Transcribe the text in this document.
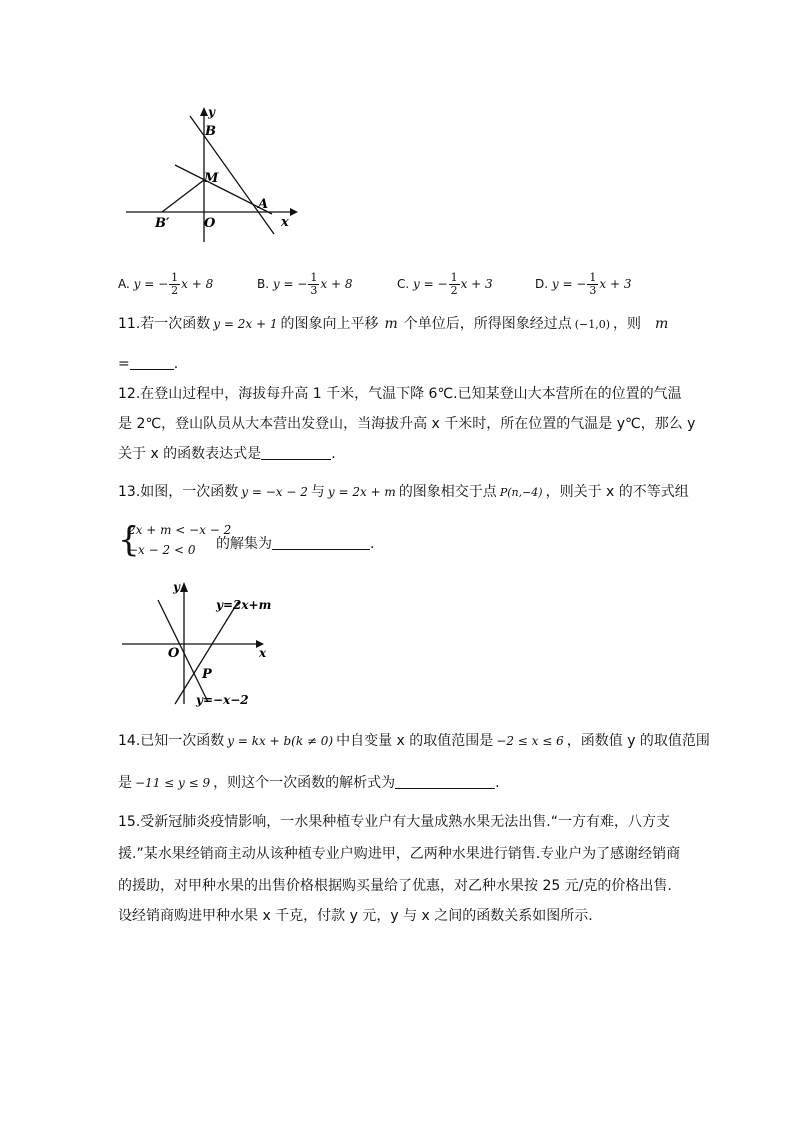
y
B
M
A
x
B′	O
A. y = − $\frac{1}{2}$ x + 8	B. y = − $\frac{1}{3}$ x + 8	C. y = − $\frac{1}{2}$ x + 3	D. y = − $\frac{1}{3}$ x + 3
11.若一次函数 y = 2x + 1 的图象向上平移 m 个单位后，所得图象经过点 (−1,0) ，则 m
=	.
12.在登山过程中，海拔每升高 1 千米，气温下降 6℃.已知某登山大本营所在的位置的气温
是 2℃，登山队员从大本营出发登山，当海拔升高 x 千米时，所在位置的气温是 y℃，那么 y
关于 x 的函数表达式是	.
13.如图，一次函数 y = −x − 2 与 y = 2x + m 的图象相交于点 P(n,−4) ，则关于 x 的不等式组
{
2x + m < −x − 2
−x − 2 < 0 的解集为	.
y
x
O
y=2x+m
P
y=−x−2
14.已知一次函数 y = kx + b(k ≠ 0) 中自变量 x 的取值范围是 −2 ≤ x ≤ 6 ，函数值 y 的取值范围
是 −11 ≤ y ≤ 9 ，则这个一次函数的解析式为	.
15.受新冠肺炎疫情影响，一水果种植专业户有大量成熟水果无法出售.“一方有难，八方支
援.”某水果经销商主动从该种植专业户购进甲，乙两种水果进行销售.专业户为了感谢经销商
的援助，对甲种水果的出售价格根据购买量给了优惠，对乙种水果按 25 元/克的价格出售.
设经销商购进甲种水果 x 千克，付款 y 元，y 与 x 之间的函数关系如图所示.
